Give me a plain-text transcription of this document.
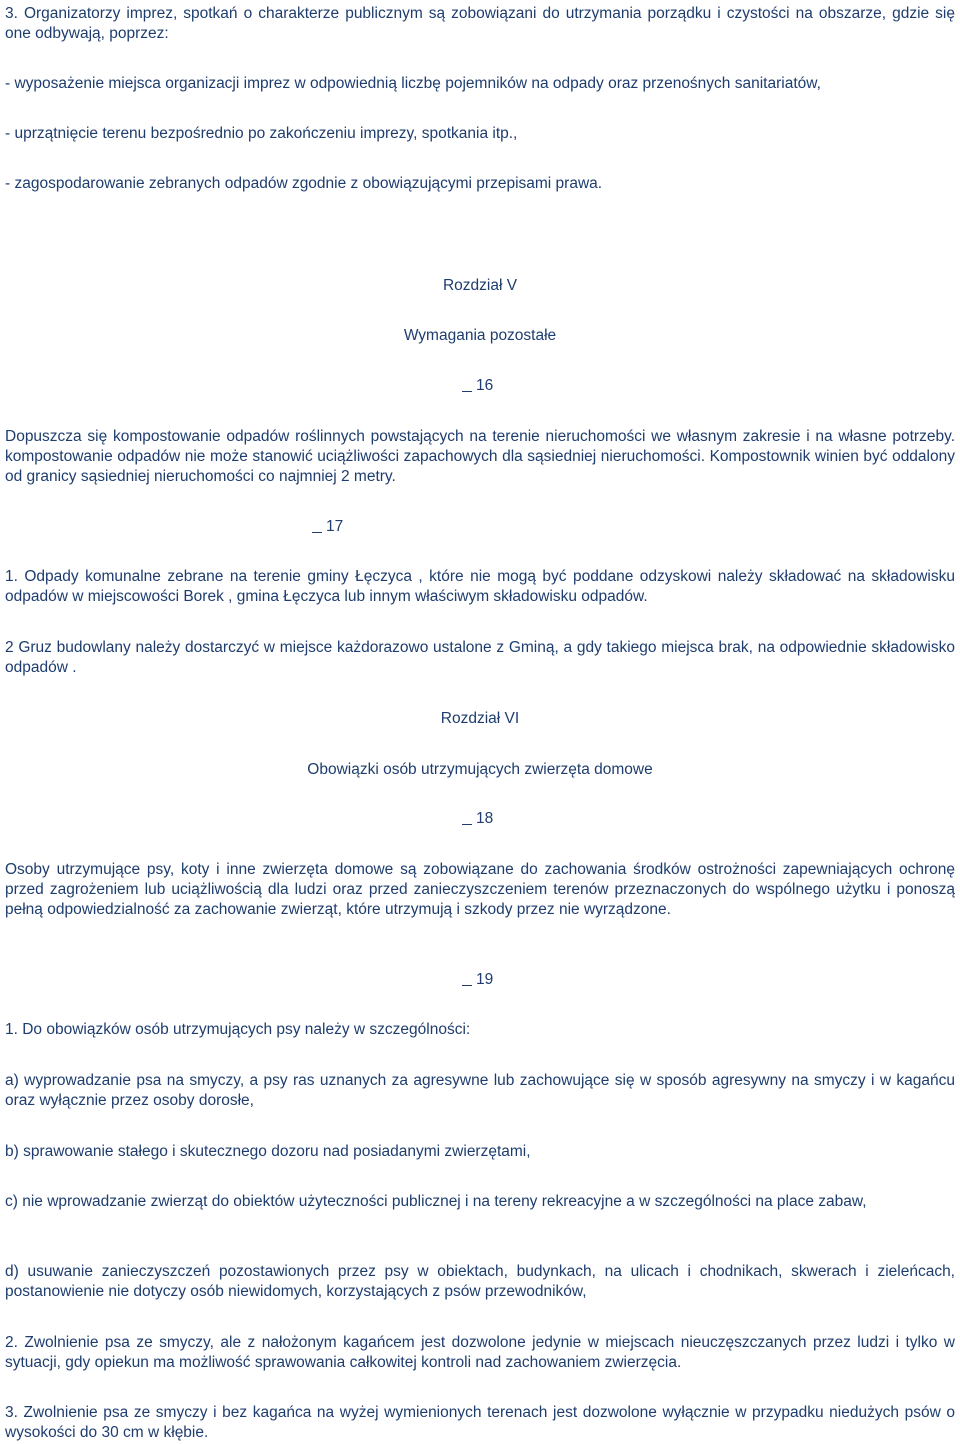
3. Organizatorzy imprez, spotkań o charakterze publicznym są zobowiązani do utrzymania porządku i czystości na obszarze, gdzie się one odbywają, poprzez:

- wyposażenie miejsca organizacji imprez w odpowiednią liczbę pojemników na odpady oraz przenośnych sanitariatów,

- uprzątnięcie terenu bezpośrednio po zakończeniu imprezy, spotkania itp.,

- zagospodarowanie zebranych odpadów zgodnie z obowiązującymi przepisami prawa.

Rozdział V

Wymagania pozostałe

16

Dopuszcza się kompostowanie odpadów roślinnych powstających na terenie nieruchomości we własnym zakresie i na własne potrzeby. kompostowanie odpadów nie może stanowić uciążliwości zapachowych dla sąsiedniej nieruchomości. Kompostownik winien być oddalony od granicy sąsiedniej nieruchomości co najmniej 2 metry.

17

1. Odpady komunalne zebrane na terenie gminy Łęczyca , które nie mogą być poddane odzyskowi należy składować na składowisku odpadów w miejscowości Borek , gmina Łęczyca lub innym właściwym składowisku odpadów.

2 Gruz budowlany należy dostarczyć w miejsce każdorazowo ustalone z Gminą, a gdy takiego miejsca brak, na odpowiednie składowisko odpadów .

Rozdział VI

Obowiązki osób utrzymujących zwierzęta domowe

18

Osoby utrzymujące psy, koty i inne zwierzęta domowe są zobowiązane do zachowania środków ostrożności zapewniających ochronę przed zagrożeniem lub uciążliwością dla ludzi oraz przed zanieczyszczeniem terenów przeznaczonych do wspólnego użytku i ponoszą pełną odpowiedzialność za zachowanie zwierząt, które utrzymują i szkody przez nie wyrządzone.

19

1. Do obowiązków osób utrzymujących psy należy w szczególności:

a) wyprowadzanie psa na smyczy, a psy ras uznanych za agresywne lub zachowujące się w sposób agresywny na smyczy i w kagańcu oraz wyłącznie przez osoby dorosłe,

b) sprawowanie stałego i skutecznego dozoru nad posiadanymi zwierzętami,

c) nie wprowadzanie zwierząt do obiektów użyteczności publicznej i na tereny rekreacyjne a w szczególności na place zabaw,

d) usuwanie zanieczyszczeń pozostawionych przez psy w obiektach, budynkach, na ulicach i chodnikach, skwerach i zieleńcach, postanowienie nie dotyczy osób niewidomych, korzystających z psów przewodników,

2. Zwolnienie psa ze smyczy, ale z nałożonym kagańcem jest dozwolone jedynie w miejscach nieuczęszczanych przez ludzi i tylko w sytuacji, gdy opiekun ma możliwość sprawowania całkowitej kontroli nad zachowaniem zwierzęcia.

3. Zwolnienie psa ze smyczy i bez kagańca na wyżej wymienionych terenach jest dozwolone wyłącznie w przypadku niedużych psów o wysokości do 30 cm w kłębie.
